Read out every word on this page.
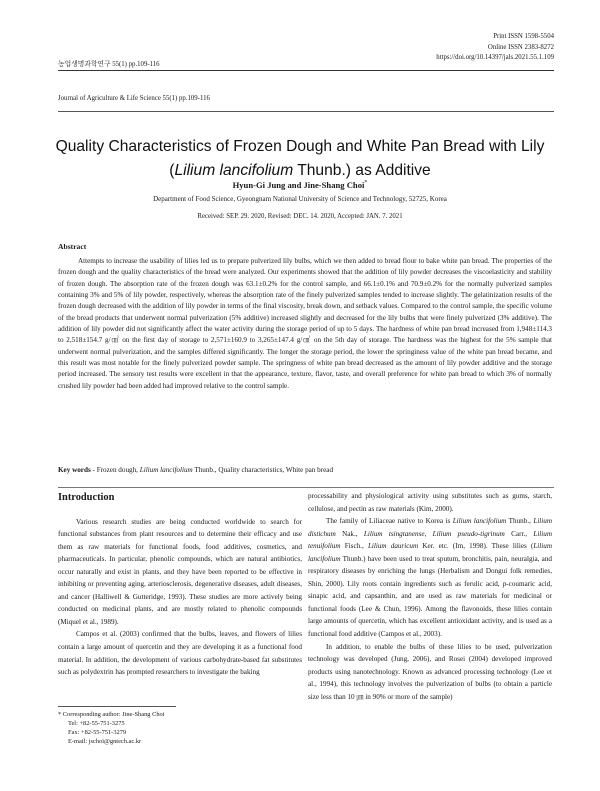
Print ISSN 1598-5504
Online ISSN 2383-8272
https://doi.org/10.14397/jals.2021.55.1.109
농업생명과학연구 55(1) pp.109-116
Journal of Agriculture & Life Science 55(1) pp.109-116
Quality Characteristics of Frozen Dough and White Pan Bread with Lily
(Lilium lancifolium Thunb.) as Additive
Hyun-Gi Jung and Jine-Shang Choi*
Department of Food Science, Gyeongnam National University of Science and Technology, 52725, Korea
Received: SEP. 29. 2020, Revised: DEC. 14. 2020, Accepted: JAN. 7. 2021
Abstract
Attempts to increase the usability of lilies led us to prepare pulverized lily bulbs, which we then added to bread flour to bake white pan bread. The properties of the frozen dough and the quality characteristics of the bread were analyzed. Our experiments showed that the addition of lily powder decreases the viscoelasticity and stability of frozen dough. The absorption rate of the frozen dough was 63.1±0.2% for the control sample, and 66.1±0.1% and 70.9±0.2% for the normally pulverized samples containing 3% and 5% of lily powder, respectively, whereas the absorption rate of the finely pulverized samples tended to increase slightly. The gelatinization results of the frozen dough decreased with the addition of lily powder in terms of the final viscosity, break down, and setback values. Compared to the control sample, the specific volume of the bread products that underwent normal pulverization (5% additive) increased slightly and decreased for the lily bulbs that were finely pulverized (3% additive). The addition of lily powder did not significantly affect the water activity during the storage period of up to 5 days. The hardness of white pan bread increased from 1,948±114.3 to 2,518±154.7 g/㎠ on the first day of storage to 2,571±160.9 to 3,265±147.4 g/㎠ on the 5th day of storage. The hardness was the highest for the 5% sample that underwent normal pulverization, and the samples differed significantly. The longer the storage period, the lower the springiness value of the white pan bread became, and this result was most notable for the finely pulverized powder sample. The springness of white pan bread decreased as the amount of lily powder additive and the storage period increased. The sensory test results were excellent in that the appearance, texture, flavor, taste, and overall preference for white pan bread to which 3% of normally crushed lily powder had been added had improved relative to the control sample.
Key words - Frozen dough, Lilium lancifolium Thunb., Quality characteristics, White pan bread
Introduction

Various research studies are being conducted worldwide to search for functional substances from plant resources and to determine their efficacy and use them as raw materials for functional foods, food additives, cosmetics, and pharmaceuticals. In particular, phenolic compounds, which are natural antibiotics, occur naturally and exist in plants, and they have been reported to be effective in inhibiting or preventing aging, arteriosclerosis, degenerative diseases, adult diseases, and cancer (Halliwell & Gutteridge, 1993). These studies are more actively being conducted on medicinal plants, and are mostly related to phenolic compounds (Miquel et al., 1989).

Campos et al. (2003) confirmed that the bulbs, leaves, and flowers of lilies contain a large amount of quercetin and they are developing it as a functional food material. In addition, the development of various carbohydrate-based fat substitutes such as polydextrin has prompted researchers to investigate the baking

processability and physiological activity using substitutes such as gums, starch, cellulose, and pectin as raw materials (Kim, 2000).

The family of Liliaceae native to Korea is Lilium lancifolium Thunb., Lilium distichum Nak., Lilium tsingtanense, Lilium pseudo-tigrinum Carr., Lilium tenuifolium Fisch., Lilium dauricum Ker. etc. (Im, 1998). These lilies (Lilium lancifolium Thunb.) have been used to treat sputum, bronchitis, pain, neuralgia, and respiratory diseases by enriching the lungs (Herbalism and Dongui folk remedies, Shin, 2000). Lily roots contain ingredients such as ferulic acid, p-coumaric acid, sinapic acid, and capsanthin, and are used as raw materials for medicinal or functional foods (Lee & Chun, 1996). Among the flavonoids, these lilies contain large amounts of quercetin, which has excellent antioxidant activity, and is used as a functional food additive (Campos et al., 2003).

In addition, to enable the bulbs of these lilies to be used, pulverization technology was developed (Jung, 2006), and Rosei (2004) developed improved products using nanotechnology. Known as advanced processing technology (Lee et al., 1994), this technology involves the pulverization of bulbs (to obtain a particle size less than 10 ㎛ in 90% or more of the sample)

* Corresponding author: Jine-Shang Choi
Tel: +82-55-751-3275
Fax: +82-55-751-3279
E-mail: jschoi@gntech.ac.kr
